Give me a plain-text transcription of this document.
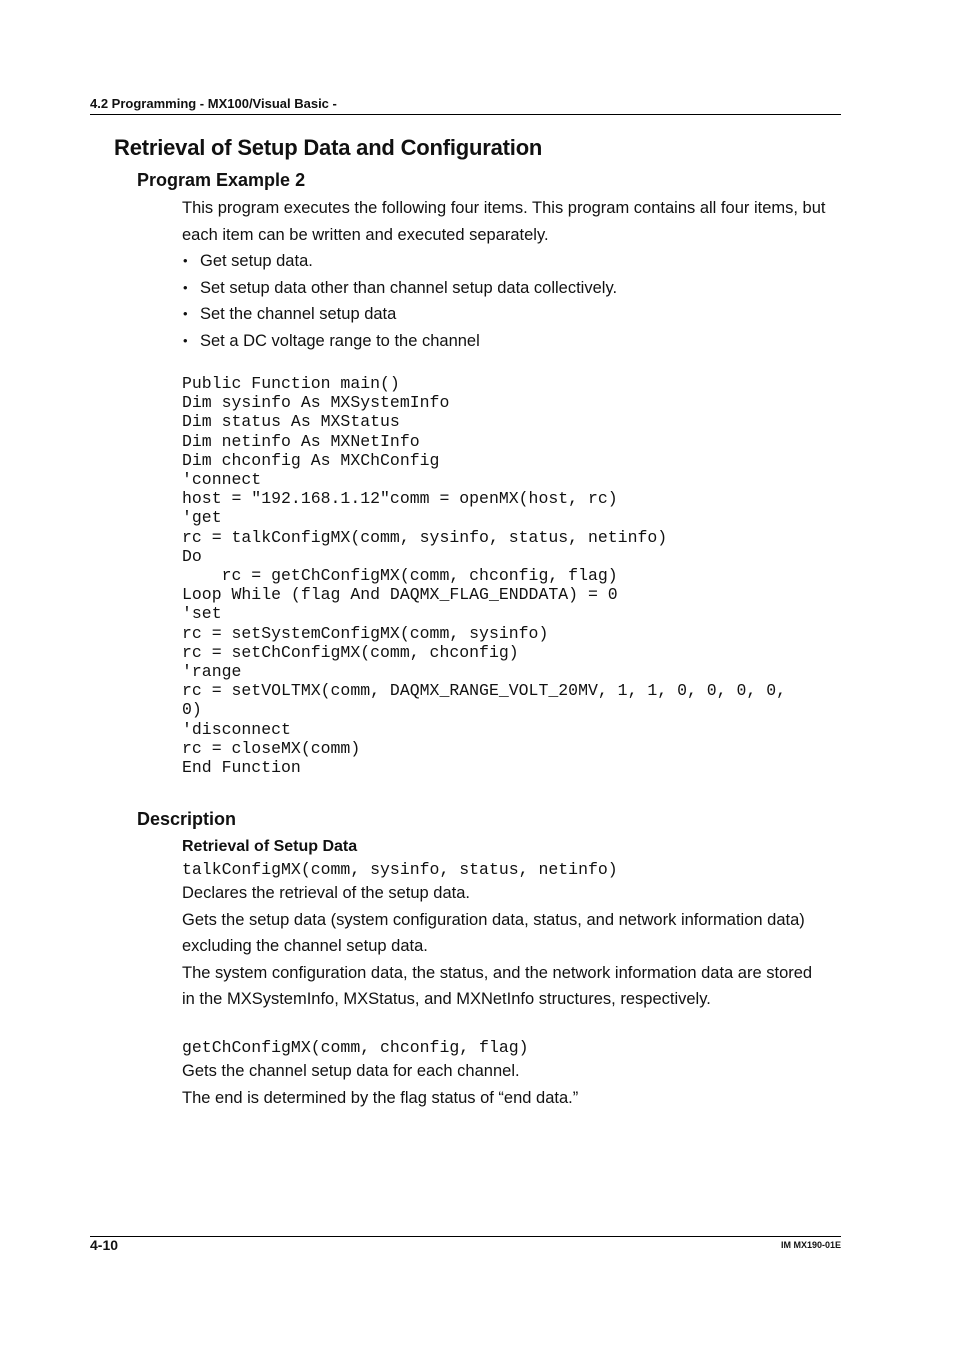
4.2 Programming - MX100/Visual Basic -
Retrieval of Setup Data and Configuration
Program Example 2

This program executes the following four items. This program contains all four items, but each item can be written and executed separately.

• Get setup data.
• Set setup data other than channel setup data collectively.
• Set the channel setup data
• Set a DC voltage range to the channel
Public Function main()
Dim sysinfo As MXSystemInfo
Dim status As MXStatus
Dim netinfo As MXNetInfo
Dim chconfig As MXChConfig
'connect
host = "192.168.1.12"comm = openMX(host, rc)
'get
rc = talkConfigMX(comm, sysinfo, status, netinfo)
Do
rc = getChConfigMX(comm, chconfig, flag)
Loop While (flag And DAQMX_FLAG_ENDDATA) = 0
'set
rc = setSystemConfigMX(comm, sysinfo)
rc = setChConfigMX(comm, chconfig)
'range
rc = setVOLTMX(comm, DAQMX_RANGE_VOLT_20MV, 1, 1, 0, 0, 0, 0,
0)
'disconnect
rc = closeMX(comm)
End Function
Description
Retrieval of Setup Data
talkConfigMX(comm, sysinfo, status, netinfo)

Declares the retrieval of the setup data.

Gets the setup data (system configuration data, status, and network information data) excluding the channel setup data.

The system configuration data, the status, and the network information data are stored in the MXSystemInfo, MXStatus, and MXNetInfo structures, respectively.

getChConfigMX(comm, chconfig, flag)

Gets the channel setup data for each channel.

The end is determined by the flag status of “end data.”

4-10	IM MX190-01E
